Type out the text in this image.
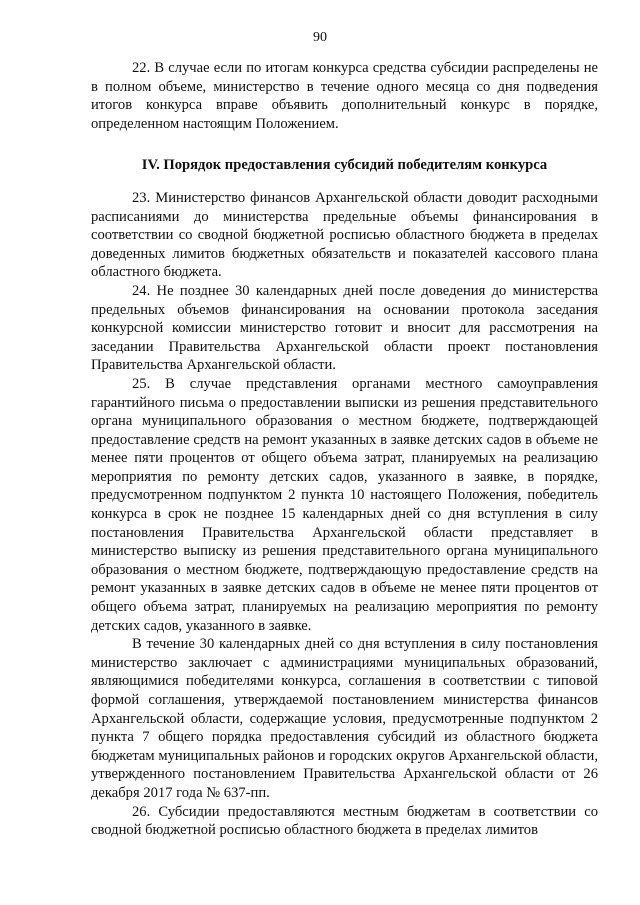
90

22. В случае если по итогам конкурса средства субсидии распределены не в полном объеме, министерство в течение одного месяца со дня подведения итогов конкурса вправе объявить дополнительный конкурс в порядке, определенном настоящим Положением.

IV. Порядок предоставления субсидий победителям конкурса

23. Министерство финансов Архангельской области доводит расходными расписаниями до министерства предельные объемы финансирования в соответствии со сводной бюджетной росписью областного бюджета в пределах доведенных лимитов бюджетных обязательств и показателей кассового плана областного бюджета.

24. Не позднее 30 календарных дней после доведения до министерства предельных объемов финансирования на основании протокола заседания конкурсной комиссии министерство готовит и вносит для рассмотрения на заседании Правительства Архангельской области проект постановления Правительства Архангельской области.

25. В случае представления органами местного самоуправления гарантийного письма о предоставлении выписки из решения представительного органа муниципального образования о местном бюджете, подтверждающей предоставление средств на ремонт указанных в заявке детских садов в объеме не менее пяти процентов от общего объема затрат, планируемых на реализацию мероприятия по ремонту детских садов, указанного в заявке, в порядке, предусмотренном подпунктом 2 пункта 10 настоящего Положения, победитель конкурса в срок не позднее 15 календарных дней со дня вступления в силу постановления Правительства Архангельской области представляет в министерство выписку из решения представительного органа муниципального образования о местном бюджете, подтверждающую предоставление средств на ремонт указанных в заявке детских садов в объеме не менее пяти процентов от общего объема затрат, планируемых на реализацию мероприятия по ремонту детских садов, указанного в заявке.

В течение 30 календарных дней со дня вступления в силу постановления министерство заключает с администрациями муниципальных образований, являющимися победителями конкурса, соглашения в соответствии с типовой формой соглашения, утверждаемой постановлением министерства финансов Архангельской области, содержащие условия, предусмотренные подпунктом 2 пункта 7 общего порядка предоставления субсидий из областного бюджета бюджетам муниципальных районов и городских округов Архангельской области, утвержденного постановлением Правительства Архангельской области от 26 декабря 2017 года № 637-пп.

26. Субсидии предоставляются местным бюджетам в соответствии со сводной бюджетной росписью областного бюджета в пределах лимитов
